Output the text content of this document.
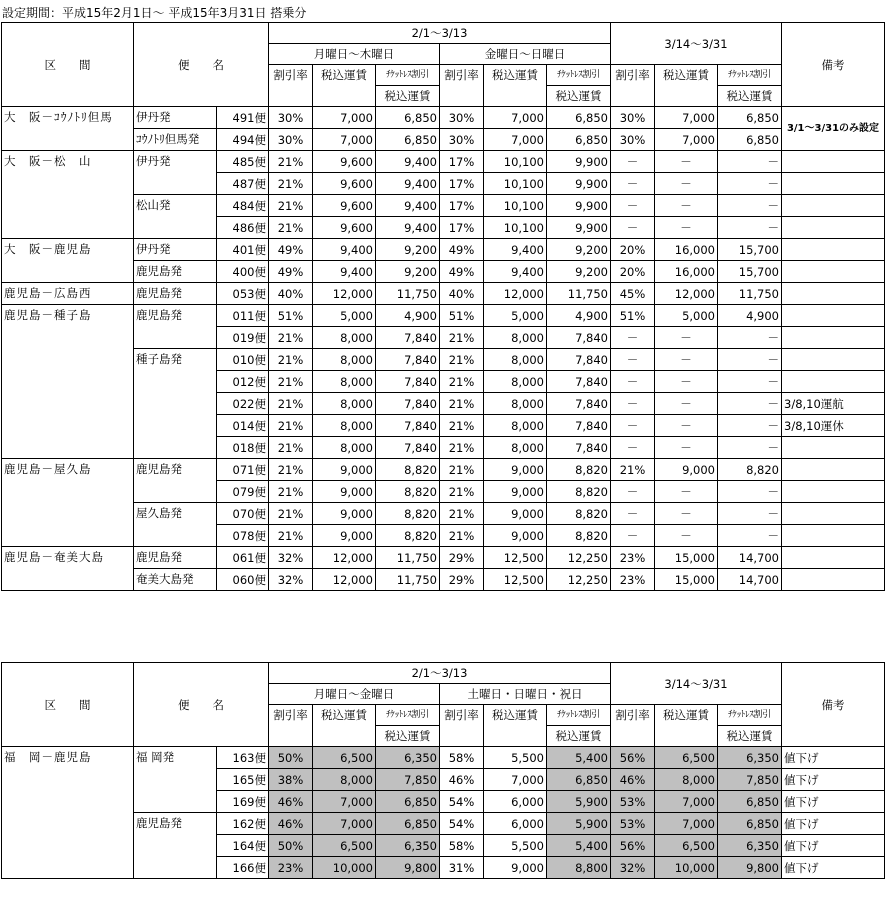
設定期間：平成15年2月1日～ 平成15年3月31日 搭乗分
区　　間	便　　名		2/1～3/13						3/14～3/31			備考
			月曜日～木曜日			金曜日～日曜日						
			割引率	税込運賃	ﾁｹｯﾄﾚｽ割引	割引率	税込運賃	ﾁｹｯﾄﾚｽ割引	割引率	税込運賃	ﾁｹｯﾄﾚｽ割引	
					税込運賃			税込運賃			税込運賃	
大　阪－ｺｳﾉﾄﾘ但馬	伊丹発	491便	30%	7,000	6,850	30%	7,000	6,850	30%	7,000	6,850	3/1～3/31のみ設定
	ｺｳﾉﾄﾘ但馬発	494便	30%	7,000	6,850	30%	7,000	6,850	30%	7,000	6,850	
大　阪－松　山	伊丹発	485便	21%	9,600	9,400	17%	10,100	9,900	－	－	－	
		487便	21%	9,600	9,400	17%	10,100	9,900	－	－	－	
	松山発	484便	21%	9,600	9,400	17%	10,100	9,900	－	－	－	
		486便	21%	9,600	9,400	17%	10,100	9,900	－	－	－	
大　阪－鹿児島	伊丹発	401便	49%	9,400	9,200	49%	9,400	9,200	20%	16,000	15,700	
	鹿児島発	400便	49%	9,400	9,200	49%	9,400	9,200	20%	16,000	15,700	
鹿児島－広島西	鹿児島発	053便	40%	12,000	11,750	40%	12,000	11,750	45%	12,000	11,750	
鹿児島－種子島	鹿児島発	011便	51%	5,000	4,900	51%	5,000	4,900	51%	5,000	4,900	
		019便	21%	8,000	7,840	21%	8,000	7,840	－	－	－	
	種子島発	010便	21%	8,000	7,840	21%	8,000	7,840	－	－	－	
		012便	21%	8,000	7,840	21%	8,000	7,840	－	－	－	
		022便	21%	8,000	7,840	21%	8,000	7,840	－	－	－	3/8,10運航
		014便	21%	8,000	7,840	21%	8,000	7,840	－	－	－	3/8,10運休
		018便	21%	8,000	7,840	21%	8,000	7,840	－	－	－	
鹿児島－屋久島	鹿児島発	071便	21%	9,000	8,820	21%	9,000	8,820	21%	9,000	8,820	
		079便	21%	9,000	8,820	21%	9,000	8,820	－	－	－	
	屋久島発	070便	21%	9,000	8,820	21%	9,000	8,820	－	－	－	
		078便	21%	9,000	8,820	21%	9,000	8,820	－	－	－	
鹿児島－奄美大島	鹿児島発	061便	32%	12,000	11,750	29%	12,500	12,250	23%	15,000	14,700	
	奄美大島発	060便	32%	12,000	11,750	29%	12,500	12,250	23%	15,000	14,700	
区　　間	便　　名		2/1～3/13						3/14～3/31			備考
			月曜日～金曜日			土曜日・日曜日・祝日						
			割引率	税込運賃	ﾁｹｯﾄﾚｽ割引	割引率	税込運賃	ﾁｹｯﾄﾚｽ割引	割引率	税込運賃	ﾁｹｯﾄﾚｽ割引	
					税込運賃			税込運賃			税込運賃	
福　岡－鹿児島	福 岡発	163便	50%	6,500	6,350	58%	5,500	5,400	56%	6,500	6,350	値下げ
		165便	38%	8,000	7,850	46%	7,000	6,850	46%	8,000	7,850	値下げ
		169便	46%	7,000	6,850	54%	6,000	5,900	53%	7,000	6,850	値下げ
	鹿児島発	162便	46%	7,000	6,850	54%	6,000	5,900	53%	7,000	6,850	値下げ
		164便	50%	6,500	6,350	58%	5,500	5,400	56%	6,500	6,350	値下げ
		166便	23%	10,000	9,800	31%	9,000	8,800	32%	10,000	9,800	値下げ
